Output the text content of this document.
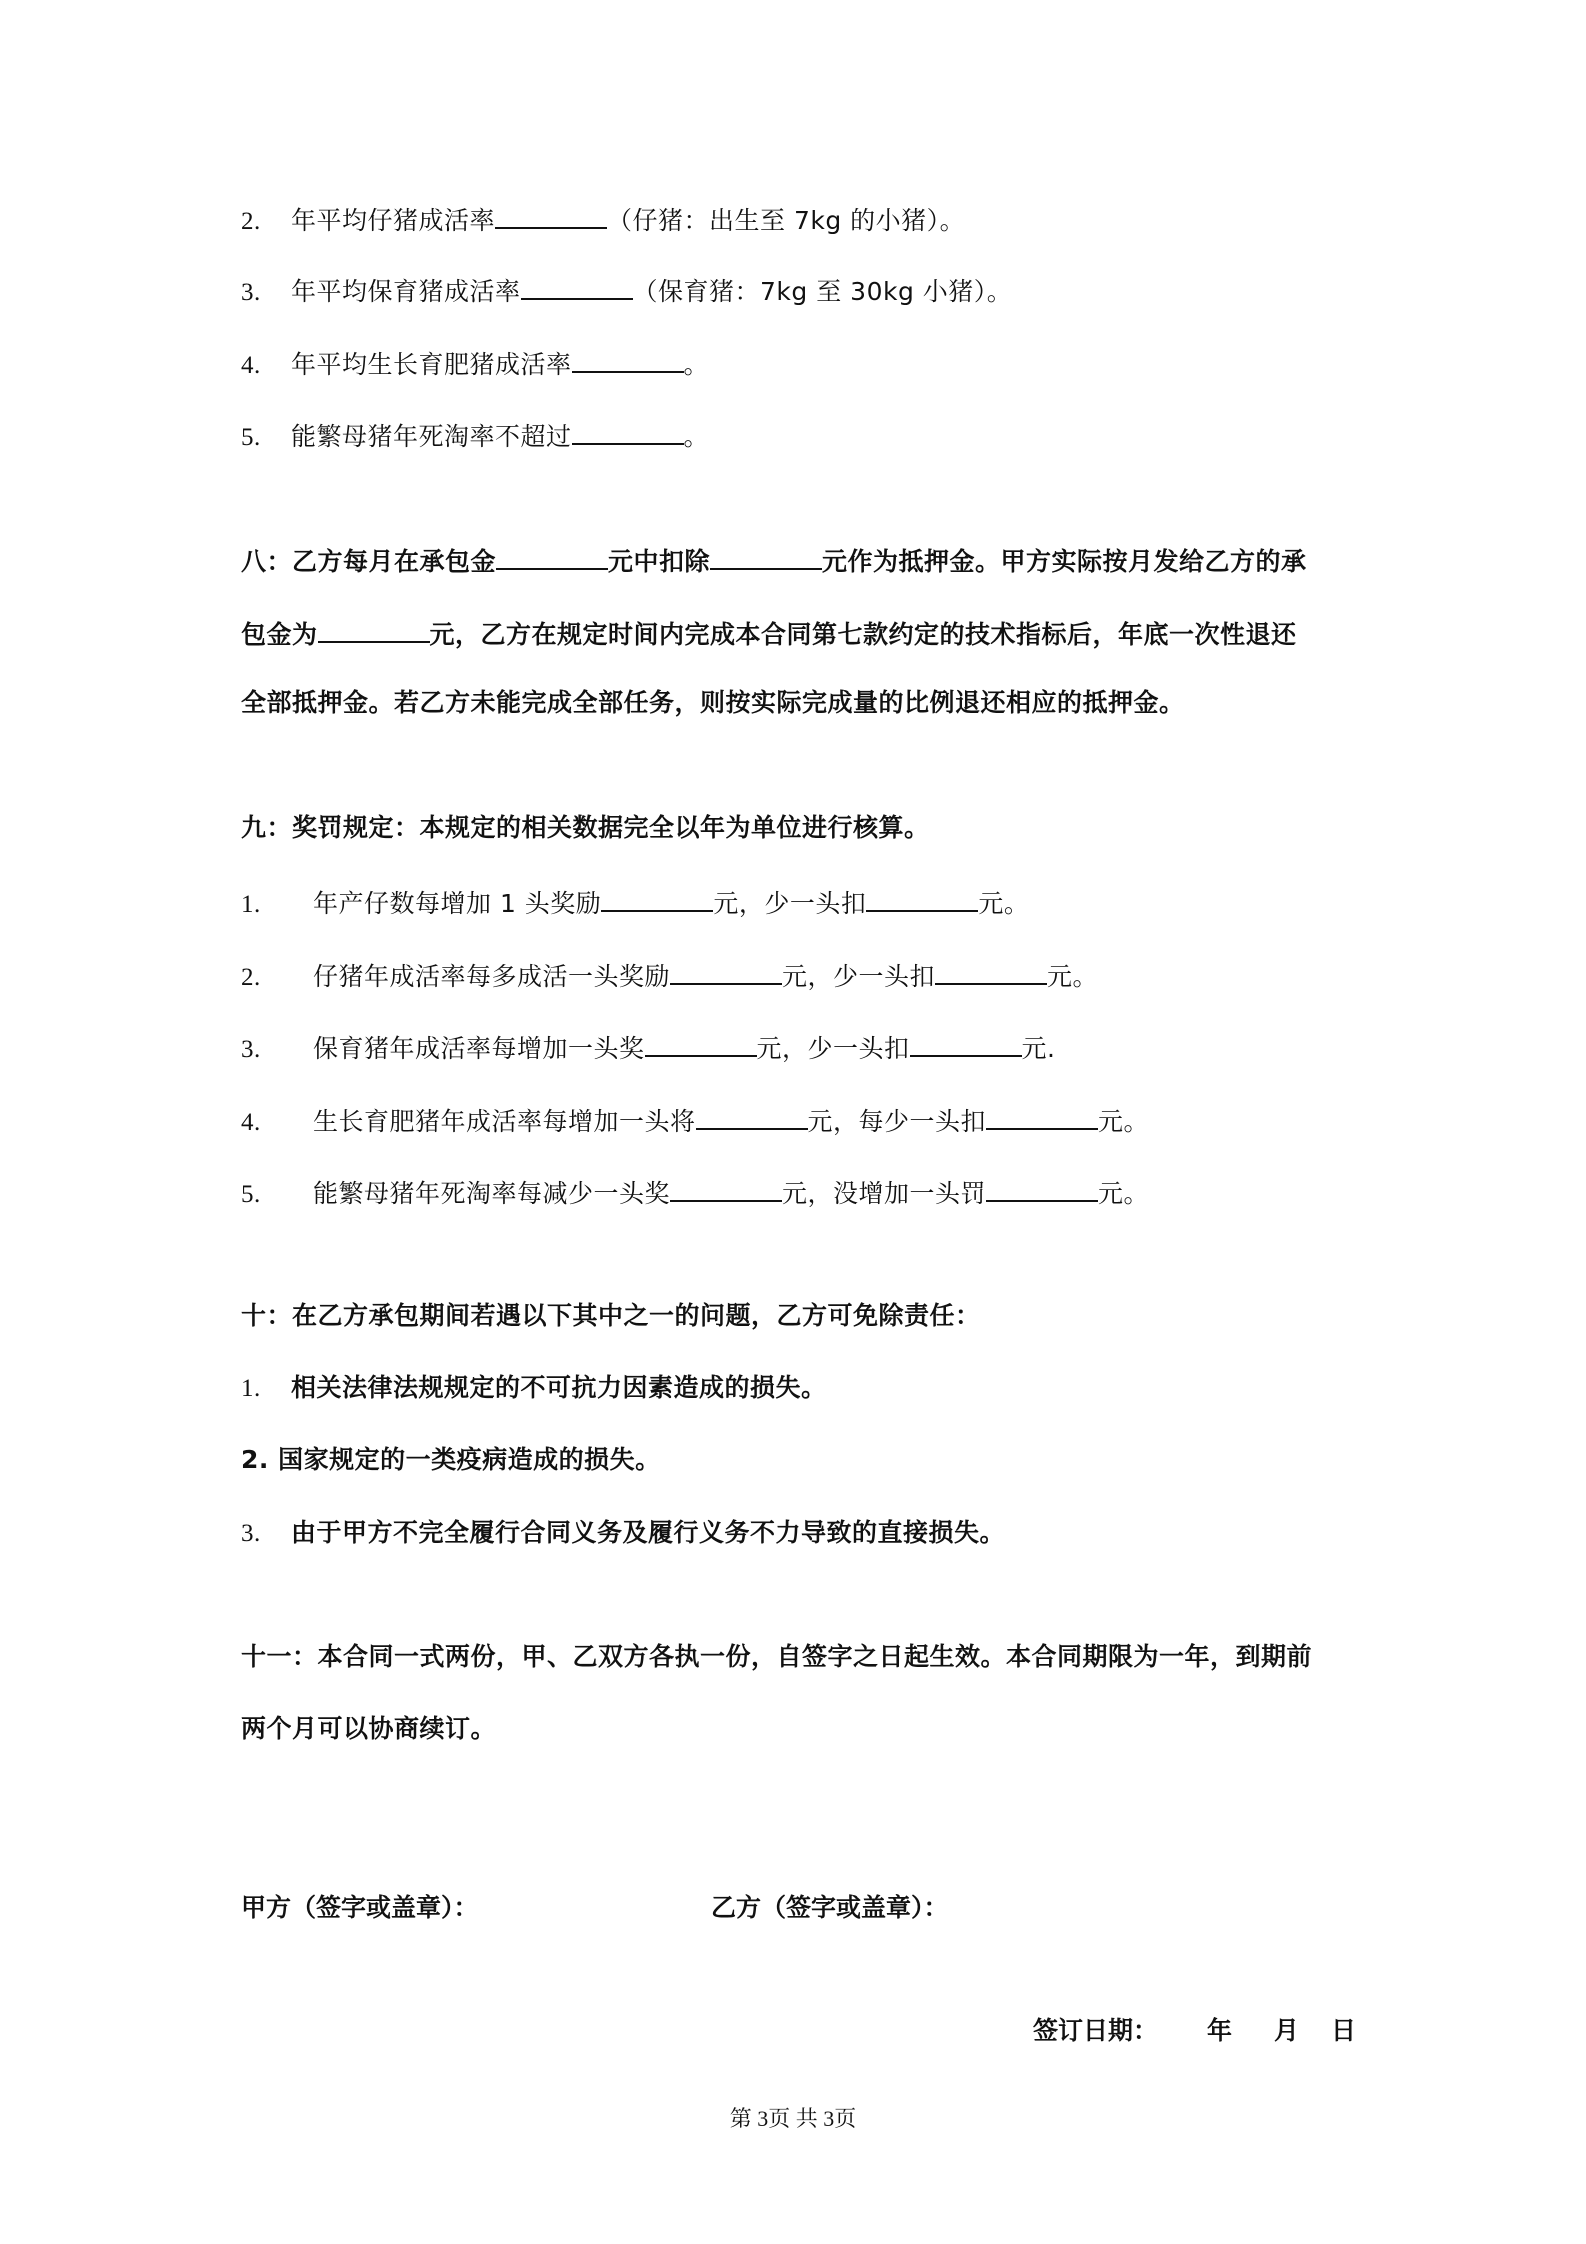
2. 年平均仔猪成活率	（仔猪：出生至 7kg 的小猪）。
3. 年平均保育猪成活率	（保育猪：7kg 至 30kg 小猪）。
4. 年平均生长育肥猪成活率	。
5. 能繁母猪年死淘率不超过	。
八：乙方每月在承包金	元中扣除	元作为抵押金。甲方实际按月发给乙方的承
包金为	元，乙方在规定时间内完成本合同第七款约定的技术指标后，年底一次性退还
全部抵押金。若乙方未能完成全部任务，则按实际完成量的比例退还相应的抵押金。
九：奖罚规定：本规定的相关数据完全以年为单位进行核算。
1. 年产仔数每增加 1 头奖励	元，少一头扣	元。
2. 仔猪年成活率每多成活一头奖励	元，少一头扣	元。
3. 保育猪年成活率每增加一头奖	元，少一头扣	元.
4. 生长育肥猪年成活率每增加一头将	元，每少一头扣	元。
5. 能繁母猪年死淘率每减少一头奖	元，没增加一头罚	元。
十：在乙方承包期间若遇以下其中之一的问题，乙方可免除责任：
1. 相关法律法规规定的不可抗力因素造成的损失。
2. 国家规定的一类疫病造成的损失。
3. 由于甲方不完全履行合同义务及履行义务不力导致的直接损失。
十一：本合同一式两份，甲、乙双方各执一份，自签字之日起生效。本合同期限为一年，到期前
两个月可以协商续订。
甲方（签字或盖章）：	乙方（签字或盖章）：
签订日期： 年 月 日
第 3页 共 3页
